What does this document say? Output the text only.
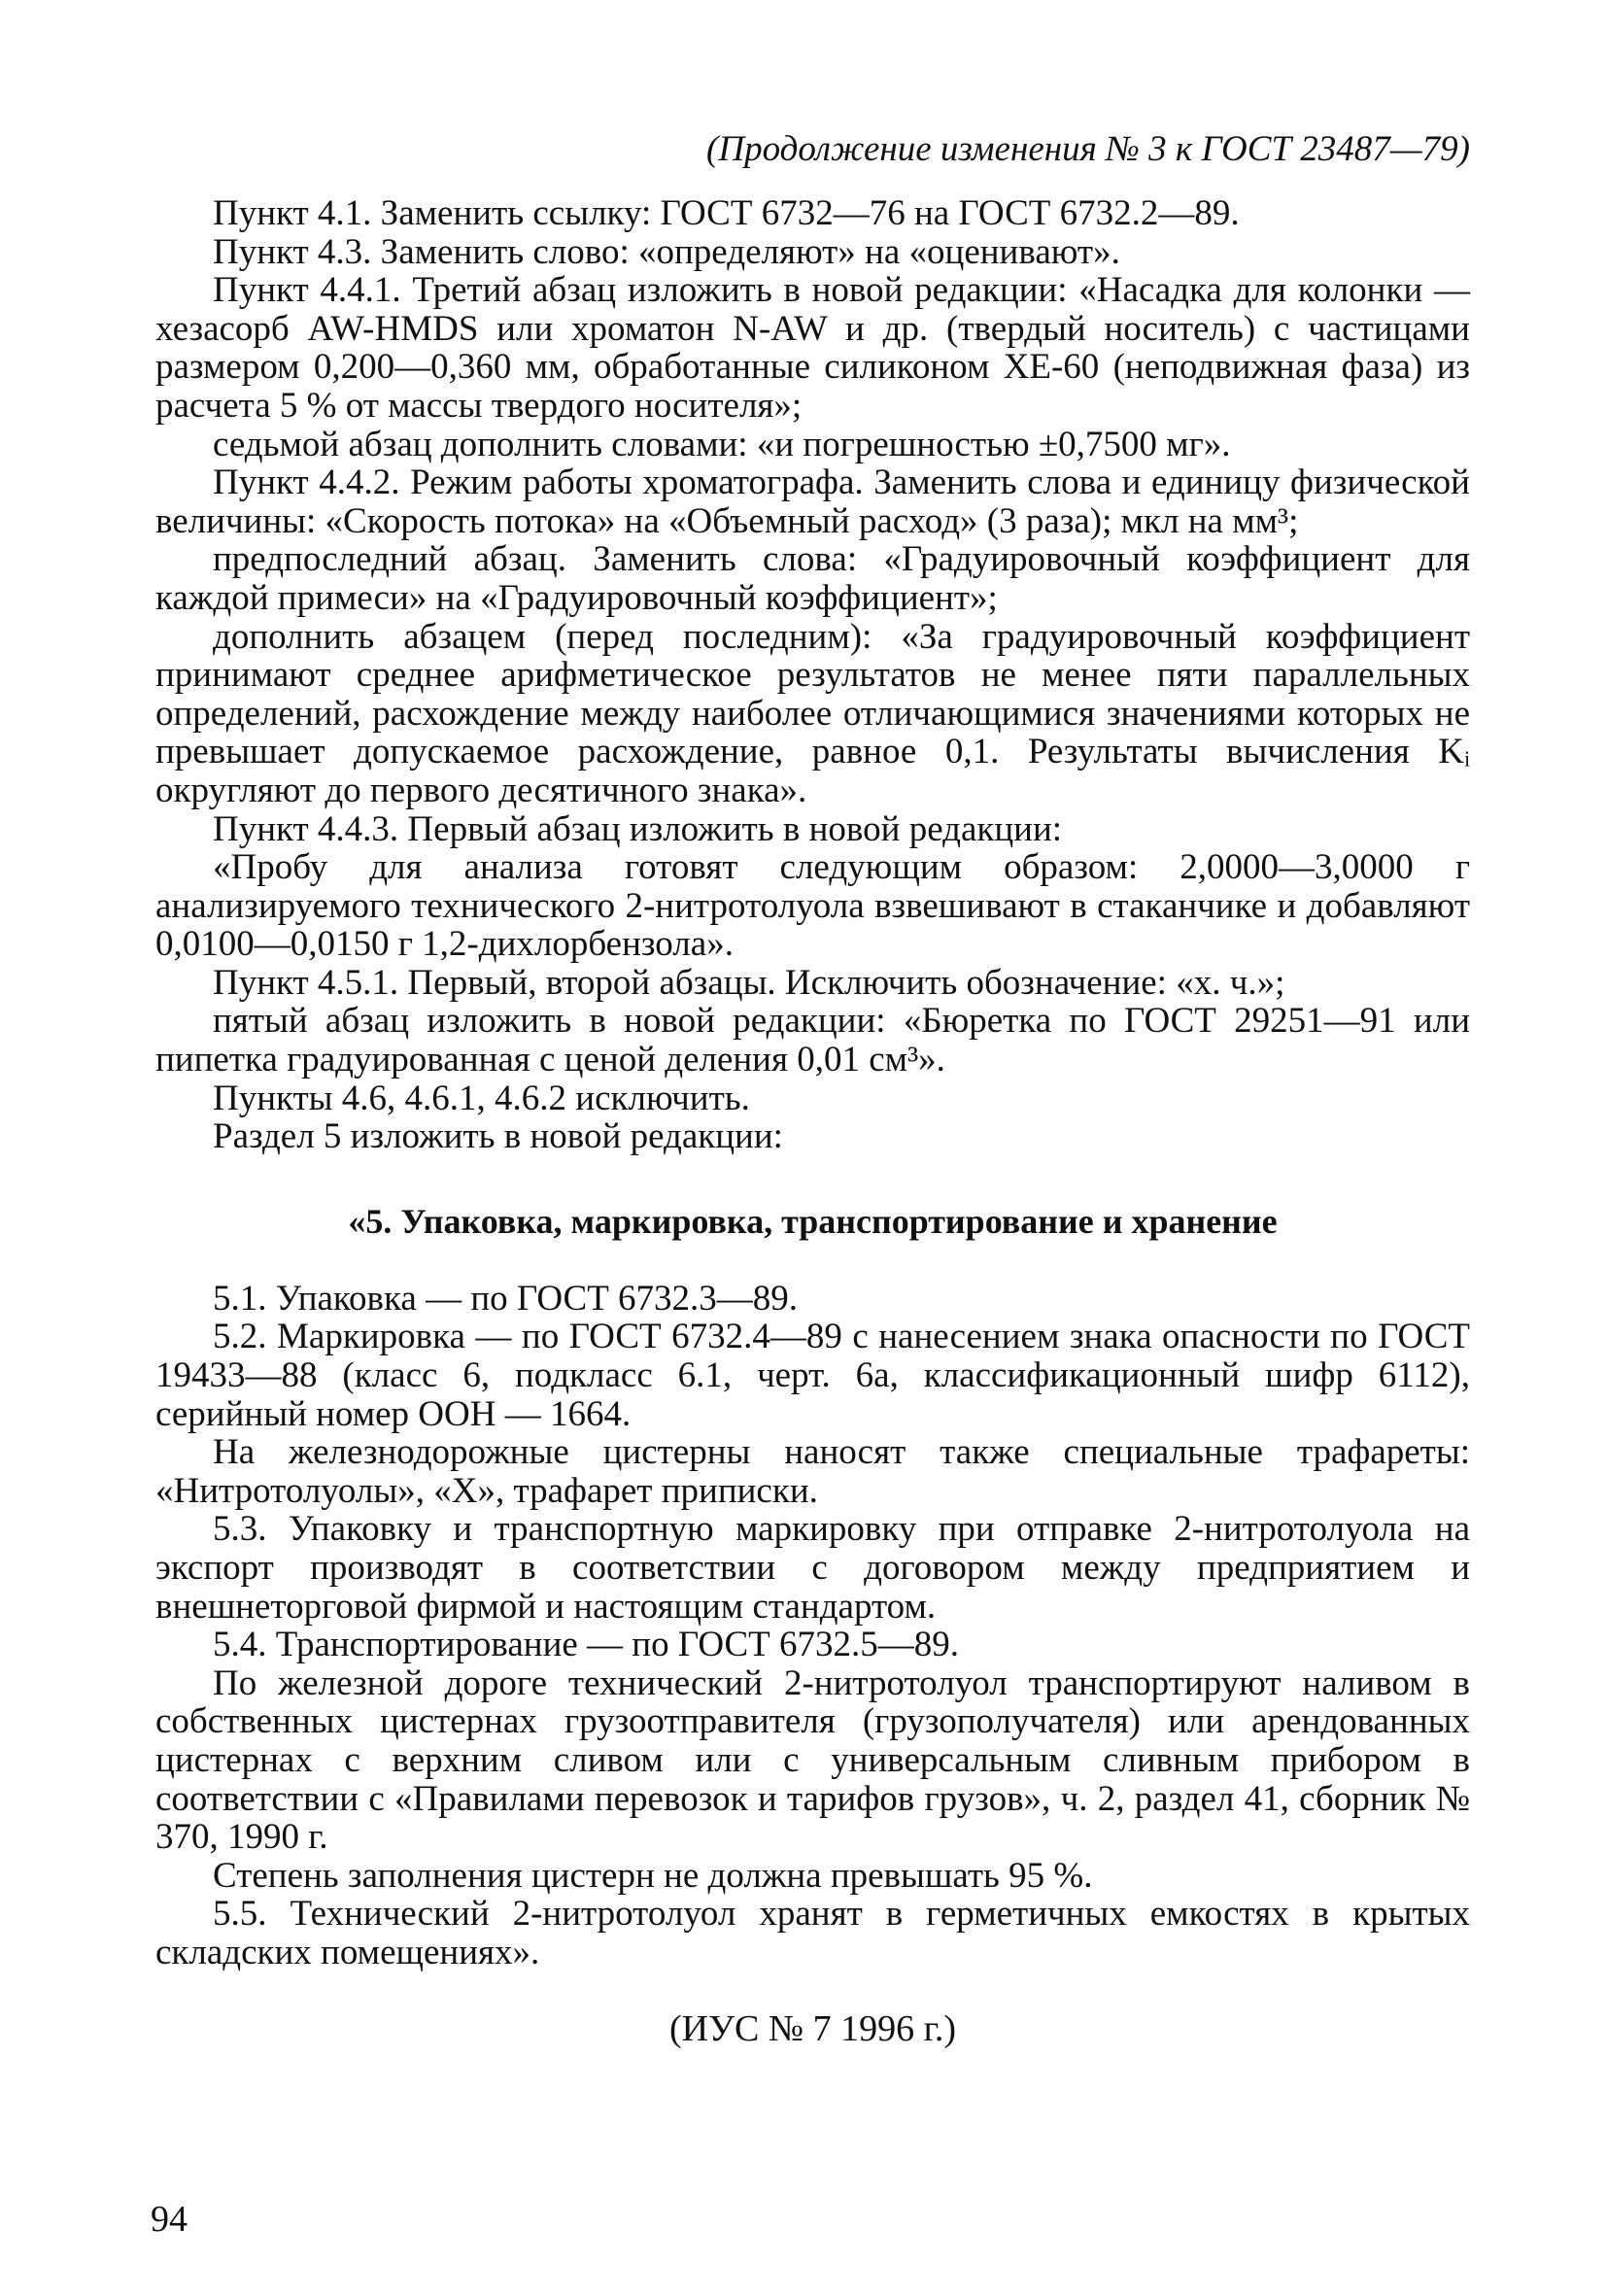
(Продолжение изменения № 3 к ГОСТ 23487—79)

Пункт 4.1. Заменить ссылку: ГОСТ 6732—76 на ГОСТ 6732.2—89.

Пункт 4.3. Заменить слово: «определяют» на «оценивают».

Пункт 4.4.1. Третий абзац изложить в новой редакции: «Насадка для колонки — хезасорб AW-HMDS или хроматон N-AW и др. (твердый носитель) с частицами размером 0,200—0,360 мм, обработанные силиконом ХЕ-60 (неподвижная фаза) из расчета 5 % от массы твердого носителя»;

седьмой абзац дополнить словами: «и погрешностью ±0,7500 мг».

Пункт 4.4.2. Режим работы хроматографа. Заменить слова и единицу физической величины: «Скорость потока» на «Объемный расход» (3 раза); мкл на мм³;

предпоследний абзац. Заменить слова: «Градуировочный коэффициент для каждой примеси» на «Градуировочный коэффициент»;

дополнить абзацем (перед последним): «За градуировочный коэффициент принимают среднее арифметическое результатов не менее пяти параллельных определений, расхождение между наиболее отличающимися значениями которых не превышает допускаемое расхождение, равное 0,1. Результаты вычисления Kᵢ округляют до первого десятичного знака».

Пункт 4.4.3. Первый абзац изложить в новой редакции:

«Пробу для анализа готовят следующим образом: 2,0000—3,0000 г анализируемого технического 2-нитротолуола взвешивают в стаканчике и добавляют 0,0100—0,0150 г 1,2-дихлорбензола».

Пункт 4.5.1. Первый, второй абзацы. Исключить обозначение: «х. ч.»;

пятый абзац изложить в новой редакции: «Бюретка по ГОСТ 29251—91 или пипетка градуированная с ценой деления 0,01 см³».

Пункты 4.6, 4.6.1, 4.6.2 исключить.

Раздел 5 изложить в новой редакции:

«5. Упаковка, маркировка, транспортирование и хранение

5.1. Упаковка — по ГОСТ 6732.3—89.

5.2. Маркировка — по ГОСТ 6732.4—89 с нанесением знака опасности по ГОСТ 19433—88 (класс 6, подкласс 6.1, черт. 6а, классификационный шифр 6112), серийный номер ООН — 1664.

На железнодорожные цистерны наносят также специальные трафареты: «Нитротолуолы», «X», трафарет приписки.

5.3. Упаковку и транспортную маркировку при отправке 2-нитротолуола на экспорт производят в соответствии с договором между предприятием и внешнеторговой фирмой и настоящим стандартом.

5.4. Транспортирование — по ГОСТ 6732.5—89.

По железной дороге технический 2-нитротолуол транспортируют наливом в собственных цистернах грузоотправителя (грузополучателя) или арендованных цистернах с верхним сливом или с универсальным сливным прибором в соответствии с «Правилами перевозок и тарифов грузов», ч. 2, раздел 41, сборник № 370, 1990 г.

Степень заполнения цистерн не должна превышать 95 %.

5.5. Технический 2-нитротолуол хранят в герметичных емкостях в крытых складских помещениях».

(ИУС № 7 1996 г.)
94
